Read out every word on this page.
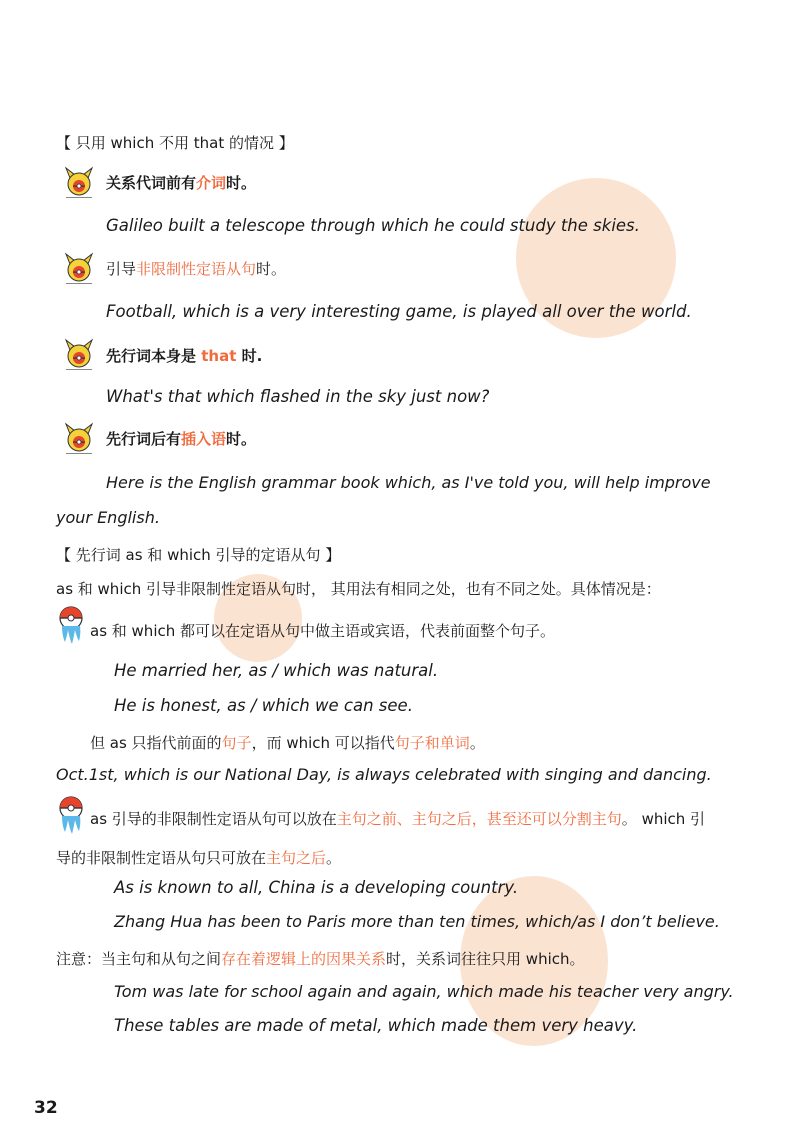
【 只用 which 不用 that 的情况 】
关系代词前有介词时。
Galileo built a telescope through which he could study the skies.
引导非限制性定语从句时。
Football, which is a very interesting game, is played all over the world.
先行词本身是 that 时.
What's that which flashed in the sky just now?
先行词后有插入语时。
Here is the English grammar book which, as I've told you, will help improve
your English.
【 先行词 as 和 which 引导的定语从句 】
as 和 which 引导非限制性定语从句时， 其用法有相同之处，也有不同之处。具体情况是：
as 和 which 都可以在定语从句中做主语或宾语，代表前面整个句子。
He married her, as / which was natural.
He is honest, as / which we can see.
但 as 只指代前面的句子，而 which 可以指代句子和单词。
Oct.1st, which is our National Day, is always celebrated with singing and dancing.
as 引导的非限制性定语从句可以放在主句之前、主句之后，甚至还可以分割主句。 which 引
导的非限制性定语从句只可放在主句之后。
As is known to all, China is a developing country.
Zhang Hua has been to Paris more than ten times, which/as I don’t believe.
注意：当主句和从句之间存在着逻辑上的因果关系时，关系词往往只用 which。
Tom was late for school again and again, which made his teacher very angry.
These tables are made of metal, which made them very heavy.
32
